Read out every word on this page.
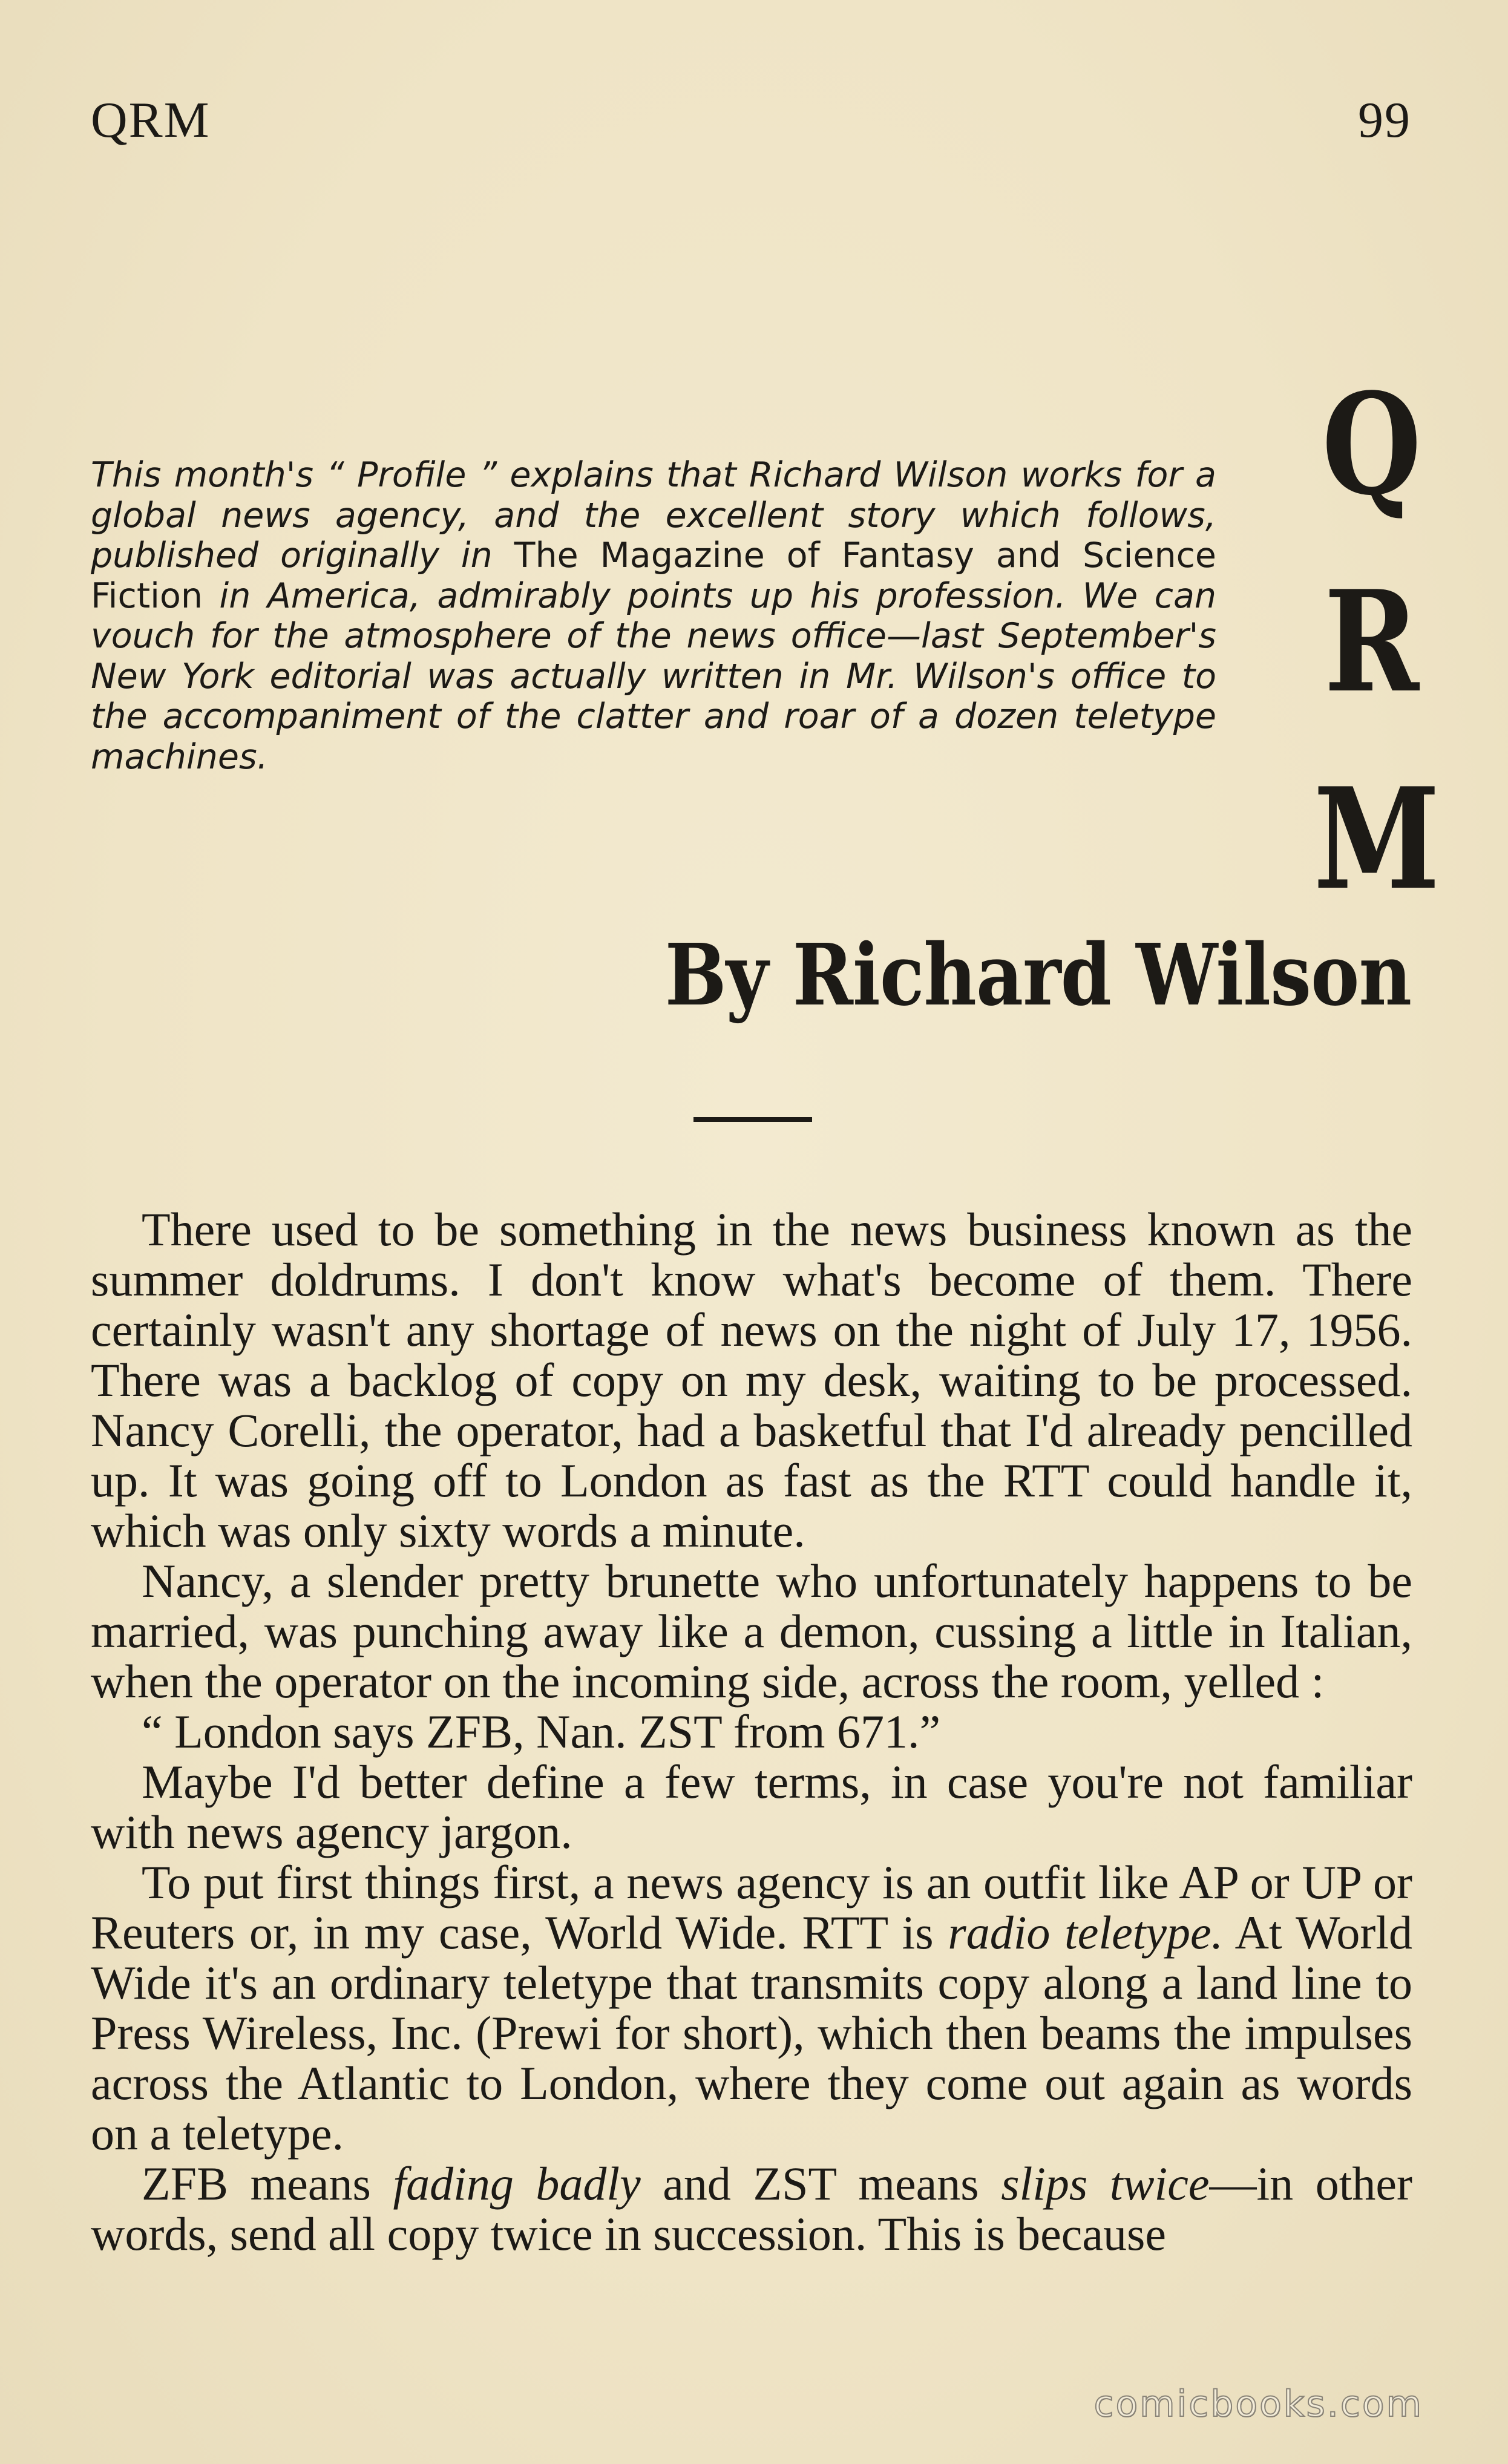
QRM	99

This month's “ Profile ” explains that Richard Wilson works for a global news agency, and the excellent story which follows, published originally in The Magazine of Fantasy and Science Fiction in America, admirably points up his profession. We can vouch for the atmosphere of the news office—last September's New York editorial was actually written in Mr. Wilson's office to the accompaniment of the clatter and roar of a dozen teletype machines.

Q
R
M
By Richard Wilson

There used to be something in the news business known as the summer doldrums. I don't know what's become of them. There certainly wasn't any shortage of news on the night of July 17, 1956. There was a backlog of copy on my desk, waiting to be processed. Nancy Corelli, the operator, had a basketful that I'd already pencilled up. It was going off to London as fast as the RTT could handle it, which was only sixty words a minute.

Nancy, a slender pretty brunette who unfortunately happens to be married, was punching away like a demon, cussing a little in Italian, when the operator on the incoming side, across the room, yelled :

“ London says ZFB, Nan. ZST from 671.”

Maybe I'd better define a few terms, in case you're not familiar with news agency jargon.

To put first things first, a news agency is an outfit like AP or UP or Reuters or, in my case, World Wide. RTT is radio teletype. At World Wide it's an ordinary teletype that transmits copy along a land line to Press Wireless, Inc. (Prewi for short), which then beams the impulses across the Atlantic to London, where they come out again as words on a teletype.

ZFB means fading badly and ZST means slips twice—in other words, send all copy twice in succession. This is because

comicbooks.com
